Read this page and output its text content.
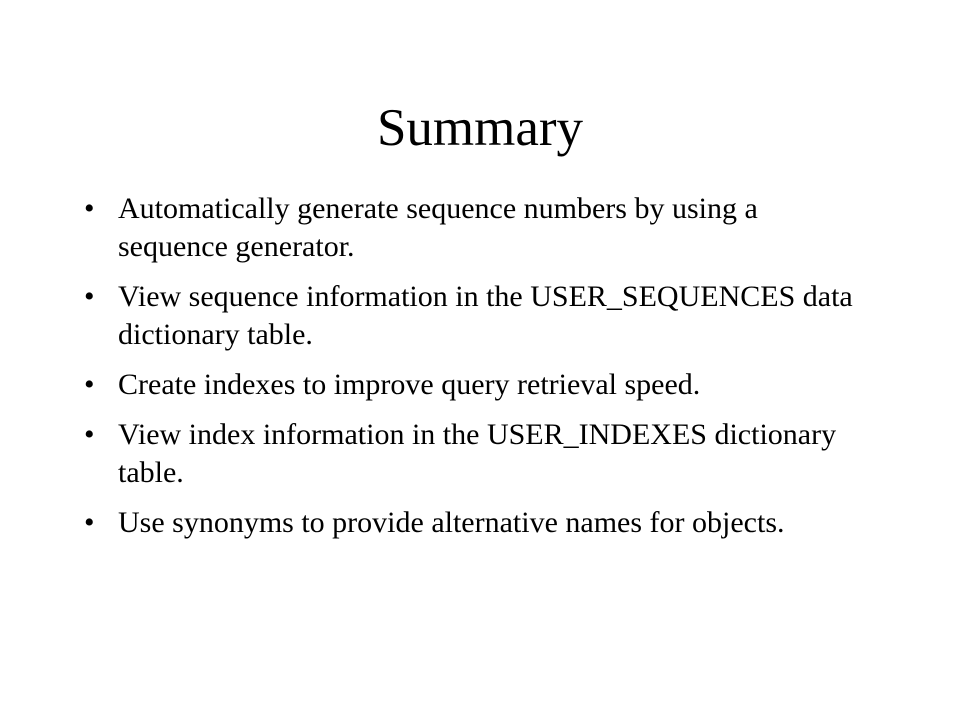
Summary
• Automatically generate sequence numbers by using a sequence generator.
• View sequence information in the USER_SEQUENCES data dictionary table.
• Create indexes to improve query retrieval speed.
• View index information in the USER_INDEXES dictionary table.
• Use synonyms to provide alternative names for objects.
